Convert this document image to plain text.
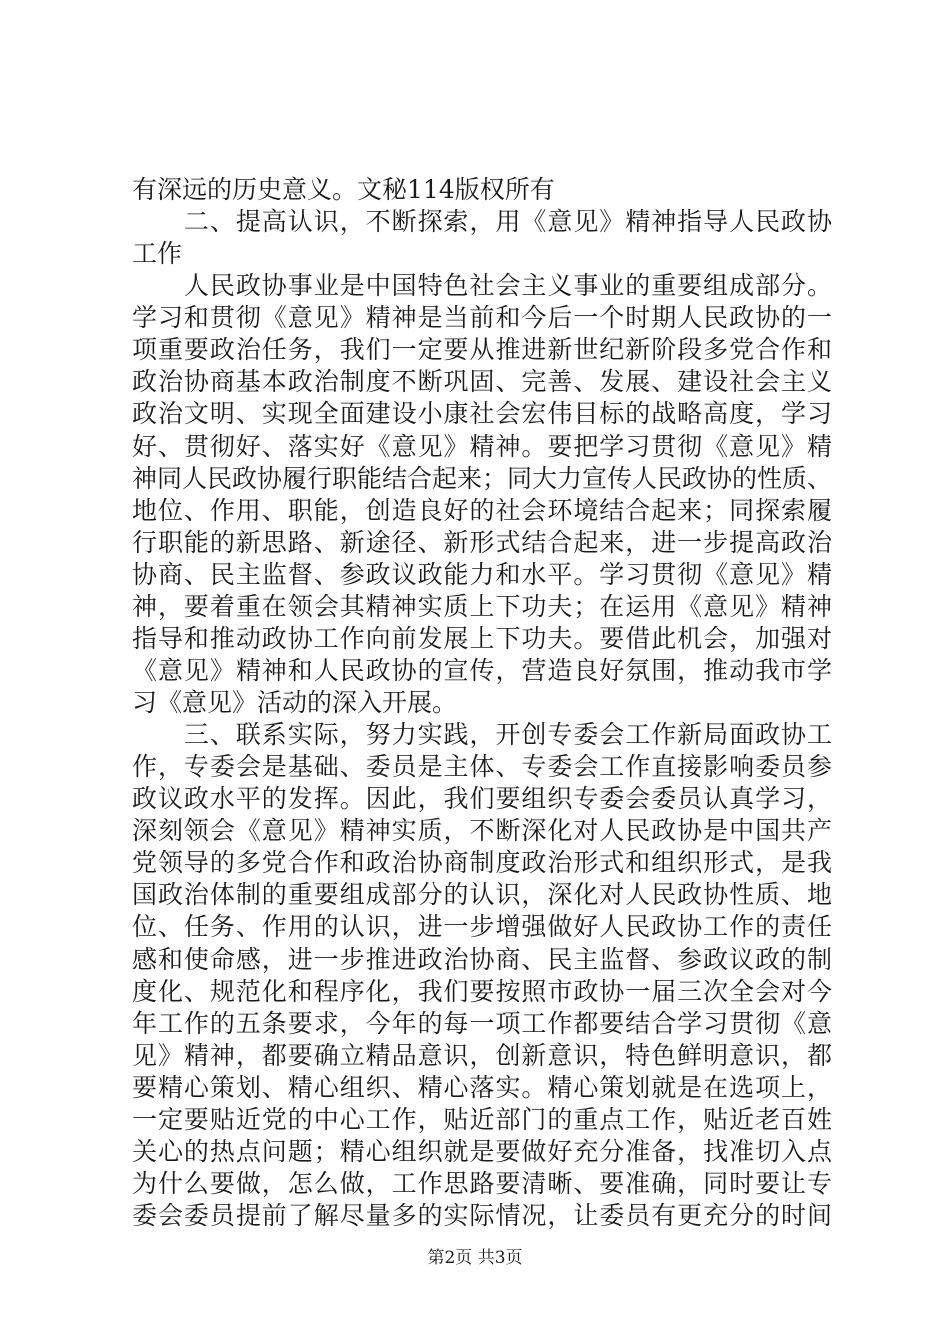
有深远的历史意义。文秘114版权所有
　　二、提高认识，不断探索，用《意见》精神指导人民政协
工作
　　人民政协事业是中国特色社会主义事业的重要组成部分。
学习和贯彻《意见》精神是当前和今后一个时期人民政协的一
项重要政治任务，我们一定要从推进新世纪新阶段多党合作和
政治协商基本政治制度不断巩固、完善、发展、建设社会主义
政治文明、实现全面建设小康社会宏伟目标的战略高度，学习
好、贯彻好、落实好《意见》精神。要把学习贯彻《意见》精
神同人民政协履行职能结合起来；同大力宣传人民政协的性质、
地位、作用、职能，创造良好的社会环境结合起来；同探索履
行职能的新思路、新途径、新形式结合起来，进一步提高政治
协商、民主监督、参政议政能力和水平。学习贯彻《意见》精
神，要着重在领会其精神实质上下功夫；在运用《意见》精神
指导和推动政协工作向前发展上下功夫。要借此机会，加强对
《意见》精神和人民政协的宣传，营造良好氛围，推动我市学
习《意见》活动的深入开展。
　　三、联系实际，努力实践，开创专委会工作新局面政协工
作，专委会是基础、委员是主体、专委会工作直接影响委员参
政议政水平的发挥。因此，我们要组织专委会委员认真学习，
深刻领会《意见》精神实质，不断深化对人民政协是中国共产
党领导的多党合作和政治协商制度政治形式和组织形式，是我
国政治体制的重要组成部分的认识，深化对人民政协性质、地
位、任务、作用的认识，进一步增强做好人民政协工作的责任
感和使命感，进一步推进政治协商、民主监督、参政议政的制
度化、规范化和程序化，我们要按照市政协一届三次全会对今
年工作的五条要求，今年的每一项工作都要结合学习贯彻《意
见》精神，都要确立精品意识，创新意识，特色鲜明意识，都
要精心策划、精心组织、精心落实。精心策划就是在选项上，
一定要贴近党的中心工作，贴近部门的重点工作，贴近老百姓
关心的热点问题；精心组织就是要做好充分准备，找准切入点
为什么要做，怎么做，工作思路要清晰、要准确，同时要让专
委会委员提前了解尽量多的实际情况，让委员有更充分的时间
第2页 共3页
